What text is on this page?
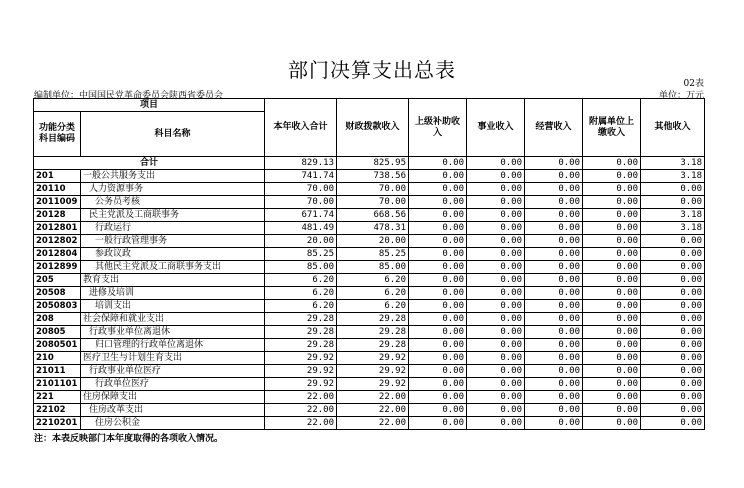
部门决算支出总表
02表
编制单位：中国国民党革命委员会陕西省委员会	单位：万元
项目		本年收入合计	财政拨款收入	上级补助收入	事业收入	经营收入	附属单位上缴收入	其他收入
功能分类科目编码	科目名称							
合计		829.13	825.95	0.00	0.00	0.00	0.00	3.18
201	一般公共服务支出	741.74	738.56	0.00	0.00	0.00	0.00	3.18
20110	人力资源事务	70.00	70.00	0.00	0.00	0.00	0.00	0.00
2011009	公务员考核	70.00	70.00	0.00	0.00	0.00	0.00	0.00
20128	民主党派及工商联事务	671.74	668.56	0.00	0.00	0.00	0.00	3.18
2012801	行政运行	481.49	478.31	0.00	0.00	0.00	0.00	3.18
2012802	一般行政管理事务	20.00	20.00	0.00	0.00	0.00	0.00	0.00
2012804	参政议政	85.25	85.25	0.00	0.00	0.00	0.00	0.00
2012899	其他民主党派及工商联事务支出	85.00	85.00	0.00	0.00	0.00	0.00	0.00
205	教育支出	6.20	6.20	0.00	0.00	0.00	0.00	0.00
20508	进修及培训	6.20	6.20	0.00	0.00	0.00	0.00	0.00
2050803	培训支出	6.20	6.20	0.00	0.00	0.00	0.00	0.00
208	社会保障和就业支出	29.28	29.28	0.00	0.00	0.00	0.00	0.00
20805	行政事业单位离退休	29.28	29.28	0.00	0.00	0.00	0.00	0.00
2080501	归口管理的行政单位离退休	29.28	29.28	0.00	0.00	0.00	0.00	0.00
210	医疗卫生与计划生育支出	29.92	29.92	0.00	0.00	0.00	0.00	0.00
21011	行政事业单位医疗	29.92	29.92	0.00	0.00	0.00	0.00	0.00
2101101	行政单位医疗	29.92	29.92	0.00	0.00	0.00	0.00	0.00
221	住房保障支出	22.00	22.00	0.00	0.00	0.00	0.00	0.00
22102	住房改革支出	22.00	22.00	0.00	0.00	0.00	0.00	0.00
2210201	住房公积金	22.00	22.00	0.00	0.00	0.00	0.00	0.00
注：本表反映部门本年度取得的各项收入情况。
